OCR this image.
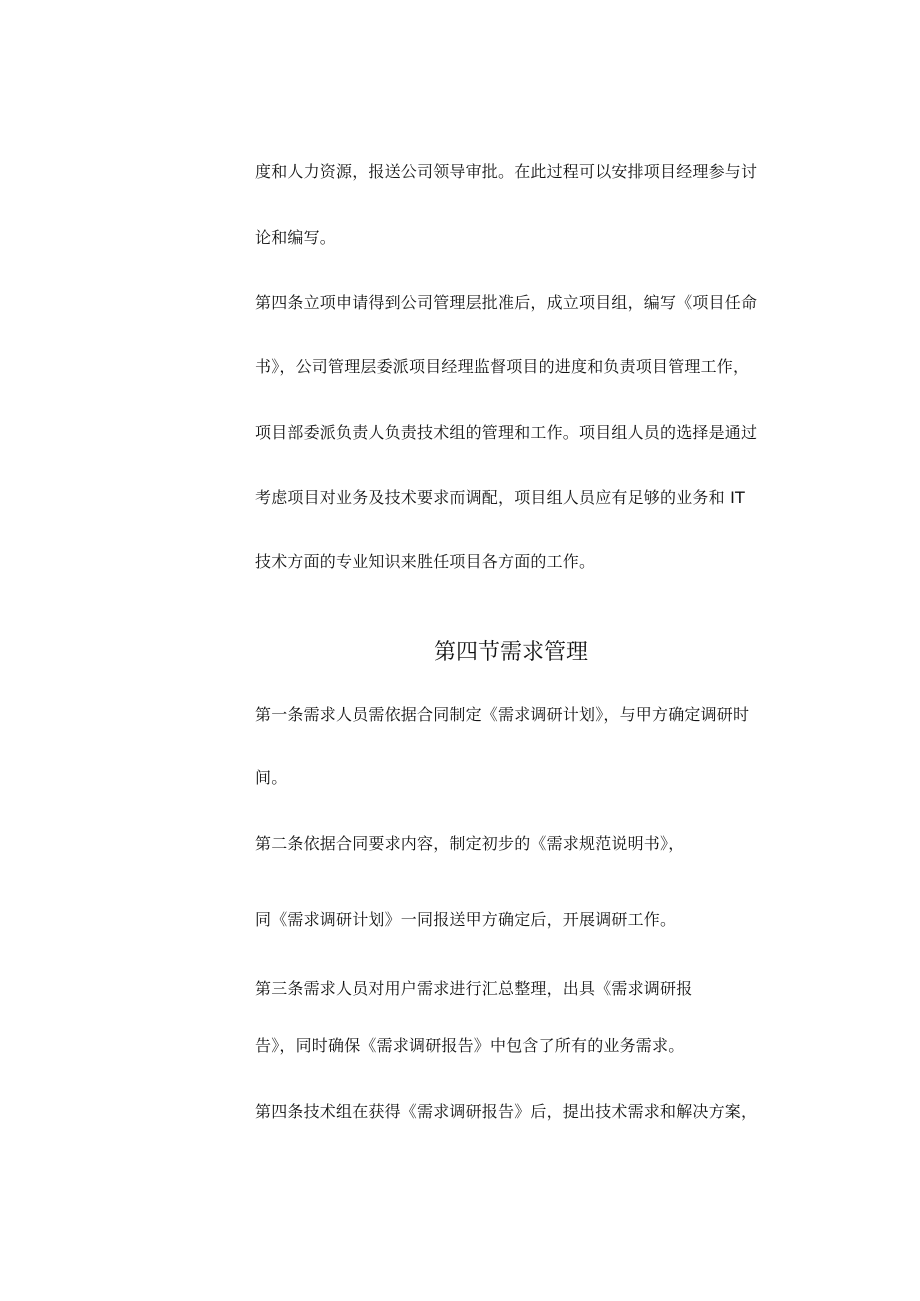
度和人力资源，报送公司领导审批。在此过程可以安排项目经理参与讨
论和编写。
第四条立项申请得到公司管理层批准后，成立项目组，编写《项目任命
书》，公司管理层委派项目经理监督项目的进度和负责项目管理工作，
项目部委派负责人负责技术组的管理和工作。项目组人员的选择是通过
考虑项目对业务及技术要求而调配，项目组人员应有足够的业务和 IT
技术方面的专业知识来胜任项目各方面的工作。
第四节需求管理
第一条需求人员需依据合同制定《需求调研计划》，与甲方确定调研时
间。
第二条依据合同要求内容，制定初步的《需求规范说明书》，
同《需求调研计划》一同报送甲方确定后，开展调研工作。
第三条需求人员对用户需求进行汇总整理，出具《需求调研报
告》，同时确保《需求调研报告》中包含了所有的业务需求。
第四条技术组在获得《需求调研报告》后，提出技术需求和解决方案，
